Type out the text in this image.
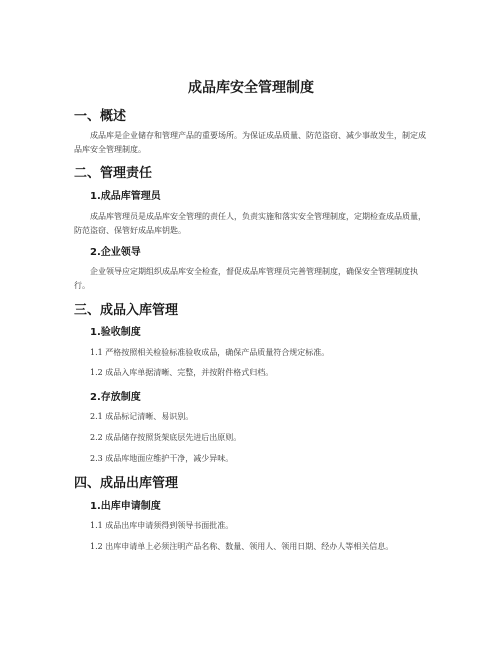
成品库安全管理制度
一、概述

成品库是企业储存和管理产品的重要场所。为保证成品质量、防范盗窃、减少事故发生，制定成品库安全管理制度。

二、管理责任
1.成品库管理员

成品库管理员是成品库安全管理的责任人，负责实施和落实安全管理制度，定期检查成品质量，防范盗窃、保管好成品库钥匙。

2.企业领导

企业领导应定期组织成品库安全检查，督促成品库管理员完善管理制度，确保安全管理制度执行。

三、成品入库管理
1.验收制度

1.1 严格按照相关检验标准验收成品，确保产品质量符合规定标准。

1.2 成品入库单据清晰、完整，并按附件格式归档。

2.存放制度

2.1 成品标记清晰、易识别。

2.2 成品储存按照货架底层先进后出原则。

2.3 成品库地面应维护干净，减少异味。

四、成品出库管理
1.出库申请制度

1.1 成品出库申请须得到领导书面批准。

1.2 出库申请单上必须注明产品名称、数量、领用人、领用日期、经办人等相关信息。
